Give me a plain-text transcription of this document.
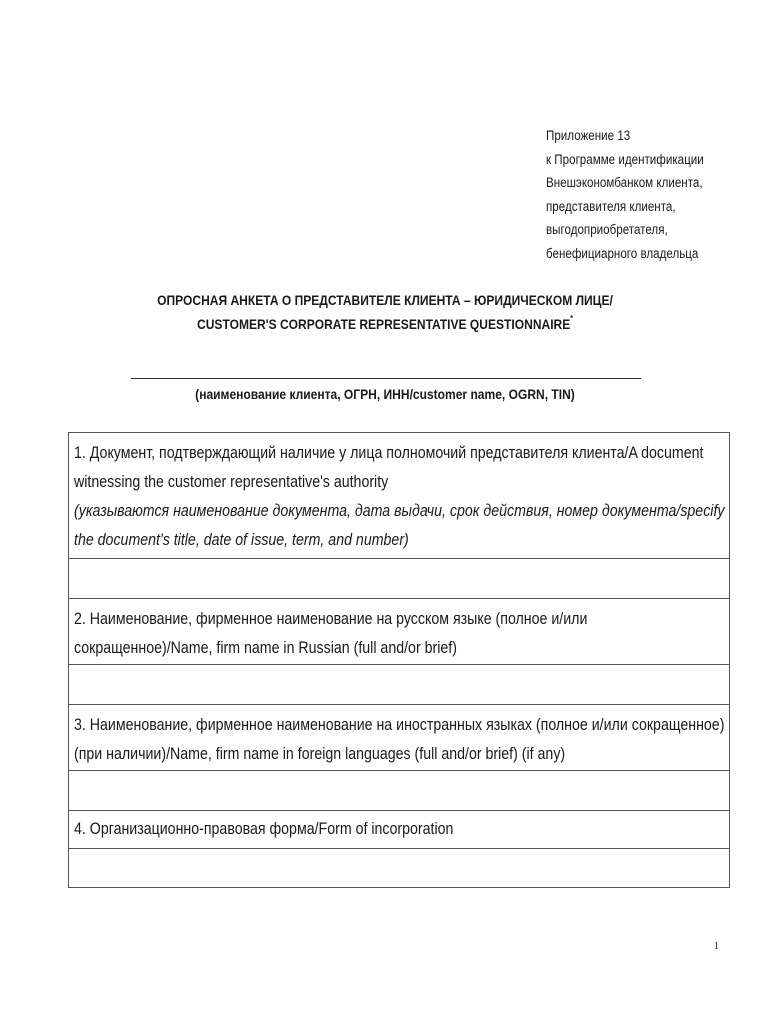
Приложение 13
к Программе идентификации
Внешэкономбанком клиента,
представителя клиента,
выгодоприобретателя,
бенефициарного владельца
ОПРОСНАЯ АНКЕТА О ПРЕДСТАВИТЕЛЕ КЛИЕНТА – ЮРИДИЧЕСКОМ ЛИЦЕ/
CUSTOMER'S CORPORATE REPRESENTATIVE QUESTIONNAIRE*
(наименование клиента, ОГРН, ИНН/customer name, OGRN, TIN)
1. Документ, подтверждающий наличие у лица полномочий представителя клиента/A document witnessing the customer representative's authority
(указываются наименование документа, дата выдачи, срок действия, номер документа/specify the document's title, date of issue, term, and number)
2. Наименование, фирменное наименование на русском языке (полное и/или сокращенное)/Name, firm name in Russian (full and/or brief)
3. Наименование, фирменное наименование на иностранных языках (полное и/или сокращенное) (при наличии)/Name, firm name in foreign languages (full and/or brief) (if any)
4. Организационно-правовая форма/Form of incorporation
1
